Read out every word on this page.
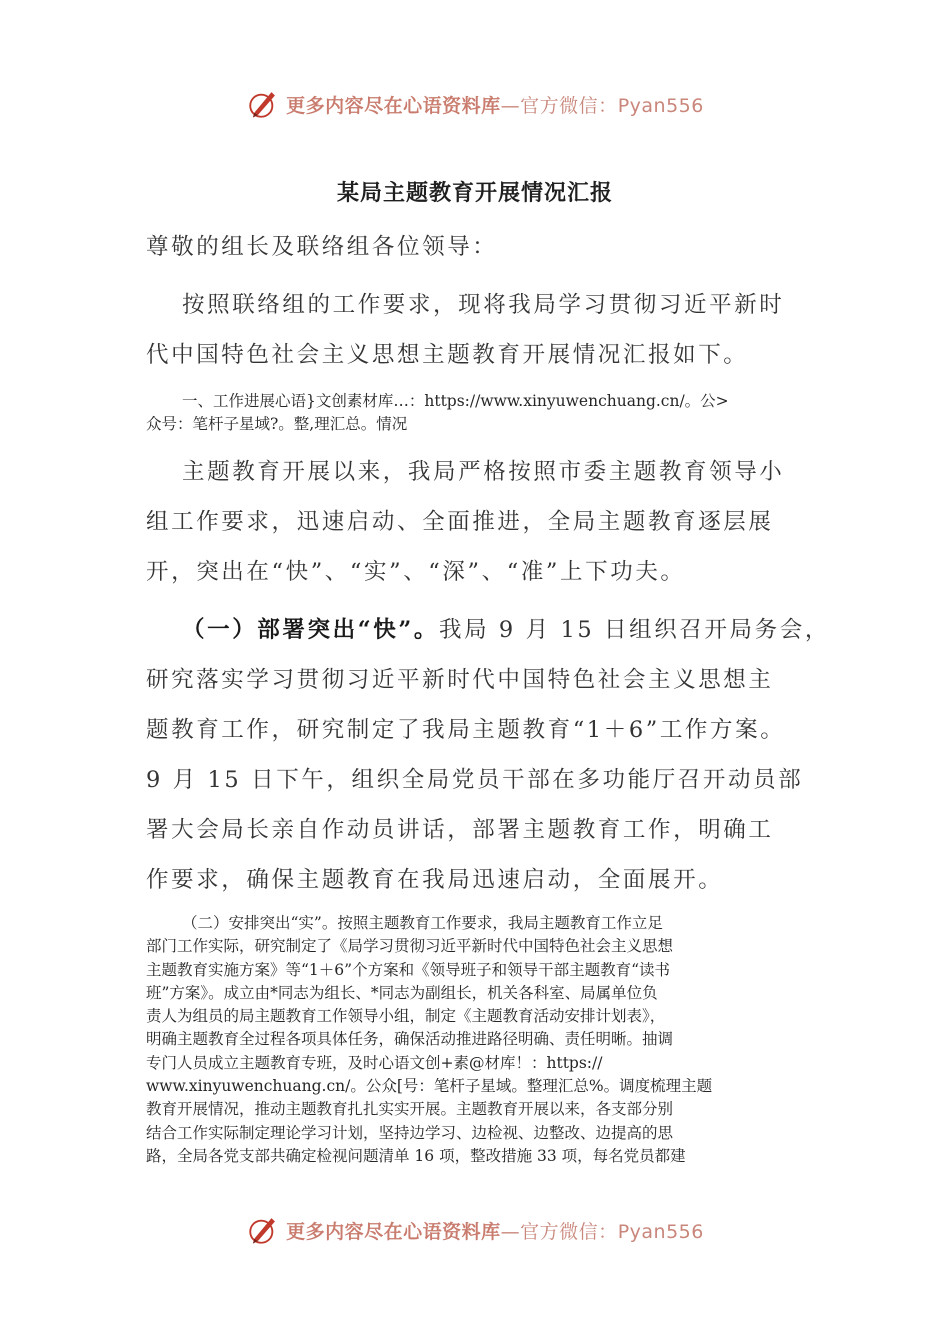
更多内容尽在心语资料库—官方微信：Pyan556
某局主题教育开展情况汇报
尊敬的组长及联络组各位领导：
按照联络组的工作要求，现将我局学习贯彻习近平新时
代中国特色社会主义思想主题教育开展情况汇报如下。
一、工作进展心语}文创素材库…：https://www.xinyuwenchuang.cn/。公>
众号：笔杆子星域?。整,理汇总。情况
主题教育开展以来，我局严格按照市委主题教育领导小
组工作要求，迅速启动、全面推进，全局主题教育逐层展
开，突出在“快”、“实”、“深”、“准”上下功夫。
（一）部署突出“快”。我局 9 月 15 日组织召开局务会，
研究落实学习贯彻习近平新时代中国特色社会主义思想主
题教育工作，研究制定了我局主题教育“1＋6”工作方案。
9 月 15 日下午，组织全局党员干部在多功能厅召开动员部
署大会局长亲自作动员讲话，部署主题教育工作，明确工
作要求，确保主题教育在我局迅速启动，全面展开。
（二）安排突出“实”。按照主题教育工作要求，我局主题教育工作立足
部门工作实际，研究制定了《局学习贯彻习近平新时代中国特色社会主义思想
主题教育实施方案》等“1＋6”个方案和《领导班子和领导干部主题教育“读书
班”方案》。成立由*同志为组长、*同志为副组长，机关各科室、局属单位负
责人为组员的局主题教育工作领导小组，制定《主题教育活动安排计划表》，
明确主题教育全过程各项具体任务，确保活动推进路径明确、责任明晰。抽调
专门人员成立主题教育专班，及时心语文创+素@材库！：https://
www.xinyuwenchuang.cn/。公众[号：笔杆子星域。整理汇总%。调度梳理主题
教育开展情况，推动主题教育扎扎实实开展。主题教育开展以来，各支部分别
结合工作实际制定理论学习计划，坚持边学习、边检视、边整改、边提高的思
路，全局各党支部共确定检视问题清单 16 项，整改措施 33 项，每名党员都建
更多内容尽在心语资料库—官方微信：Pyan556
